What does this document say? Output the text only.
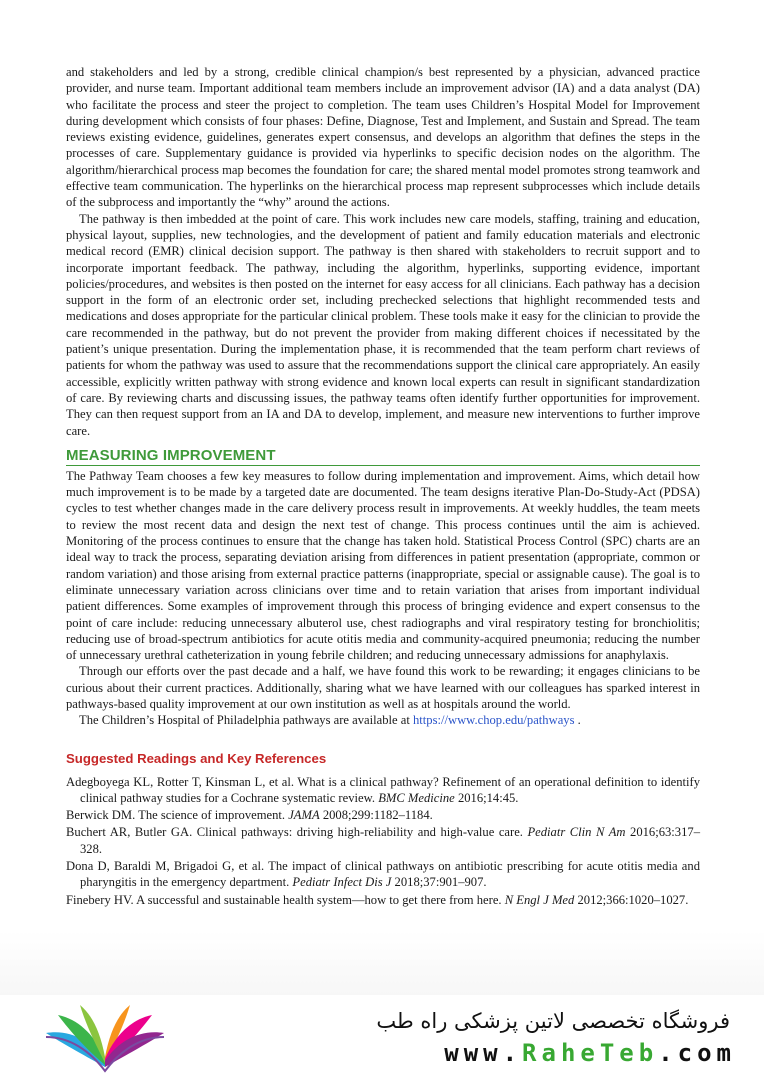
and stakeholders and led by a strong, credible clinical champion/s best represented by a physician, advanced practice provider, and nurse team. Important additional team members include an improvement advisor (IA) and a data analyst (DA) who facilitate the process and steer the project to completion. The team uses Children’s Hospital Model for Improvement during development which consists of four phases: Define, Diagnose, Test and Implement, and Sustain and Spread. The team reviews existing evidence, guidelines, generates expert consensus, and develops an algorithm that defines the steps in the processes of care. Supplementary guidance is provided via hyperlinks to specific decision nodes on the algorithm. The algorithm/hierarchical process map becomes the foundation for care; the shared mental model promotes strong teamwork and effective team communication. The hyperlinks on the hierarchical process map represent subprocesses which include details of the subprocess and importantly the “why” around the actions.

The pathway is then imbedded at the point of care. This work includes new care models, staffing, training and education, physical layout, supplies, new technologies, and the development of patient and family education materials and electronic medical record (EMR) clinical decision support. The pathway is then shared with stakeholders to recruit support and to incorporate important feedback. The pathway, including the algorithm, hyperlinks, supporting evidence, important policies/procedures, and websites is then posted on the internet for easy access for all clinicians. Each pathway has a decision support in the form of an electronic order set, including prechecked selections that highlight recommended tests and medications and doses appropriate for the particular clinical problem. These tools make it easy for the clinician to provide the care recommended in the pathway, but do not prevent the provider from making different choices if necessitated by the patient’s unique presentation. During the implementation phase, it is recommended that the team perform chart reviews of patients for whom the pathway was used to assure that the recommendations support the clinical care appropriately. An easily accessible, explicitly written pathway with strong evidence and known local experts can result in significant standardization of care. By reviewing charts and discussing issues, the pathway teams often identify further opportunities for improvement. They can then request support from an IA and DA to develop, implement, and measure new interventions to further improve care.

MEASURING IMPROVEMENT

The Pathway Team chooses a few key measures to follow during implementation and improvement. Aims, which detail how much improvement is to be made by a targeted date are documented. The team designs iterative Plan-Do-Study-Act (PDSA) cycles to test whether changes made in the care delivery process result in improvements. At weekly huddles, the team meets to review the most recent data and design the next test of change. This process continues until the aim is achieved. Monitoring of the process continues to ensure that the change has taken hold. Statistical Process Control (SPC) charts are an ideal way to track the process, separating deviation arising from differences in patient presentation (appropriate, common or random variation) and those arising from external practice patterns (inappropriate, special or assignable cause). The goal is to eliminate unnecessary variation across clinicians over time and to retain variation that arises from important individual patient differences. Some examples of improvement through this process of bringing evidence and expert consensus to the point of care include: reducing unnecessary albuterol use, chest radiographs and viral respiratory testing for bronchiolitis; reducing use of broad-spectrum antibiotics for acute otitis media and community-acquired pneumonia; reducing the number of unnecessary urethral catheterization in young febrile children; and reducing unnecessary admissions for anaphylaxis.

Through our efforts over the past decade and a half, we have found this work to be rewarding; it engages clinicians to be curious about their current practices. Additionally, sharing what we have learned with our colleagues has sparked interest in pathways-based quality improvement at our own institution as well as at hospitals around the world.

The Children’s Hospital of Philadelphia pathways are available at https://www.chop.edu/pathways .

Suggested Readings and Key References

Adegboyega KL, Rotter T, Kinsman L, et al. What is a clinical pathway? Refinement of an operational definition to identify clinical pathway studies for a Cochrane systematic review. BMC Medicine 2016;14:45.

Berwick DM. The science of improvement. JAMA 2008;299:1182–1184.

Buchert AR, Butler GA. Clinical pathways: driving high-reliability and high-value care. Pediatr Clin N Am 2016;63:317–328.

Dona D, Baraldi M, Brigadoi G, et al. The impact of clinical pathways on antibiotic prescribing for acute otitis media and pharyngitis in the emergency department. Pediatr Infect Dis J 2018;37:901–907.

Finebery HV. A successful and sustainable health system—how to get there from here. N Engl J Med 2012;366:1020–1027.

فروشگاه تخصصی لاتین پزشکی راه طب
www.RaheTeb.com
